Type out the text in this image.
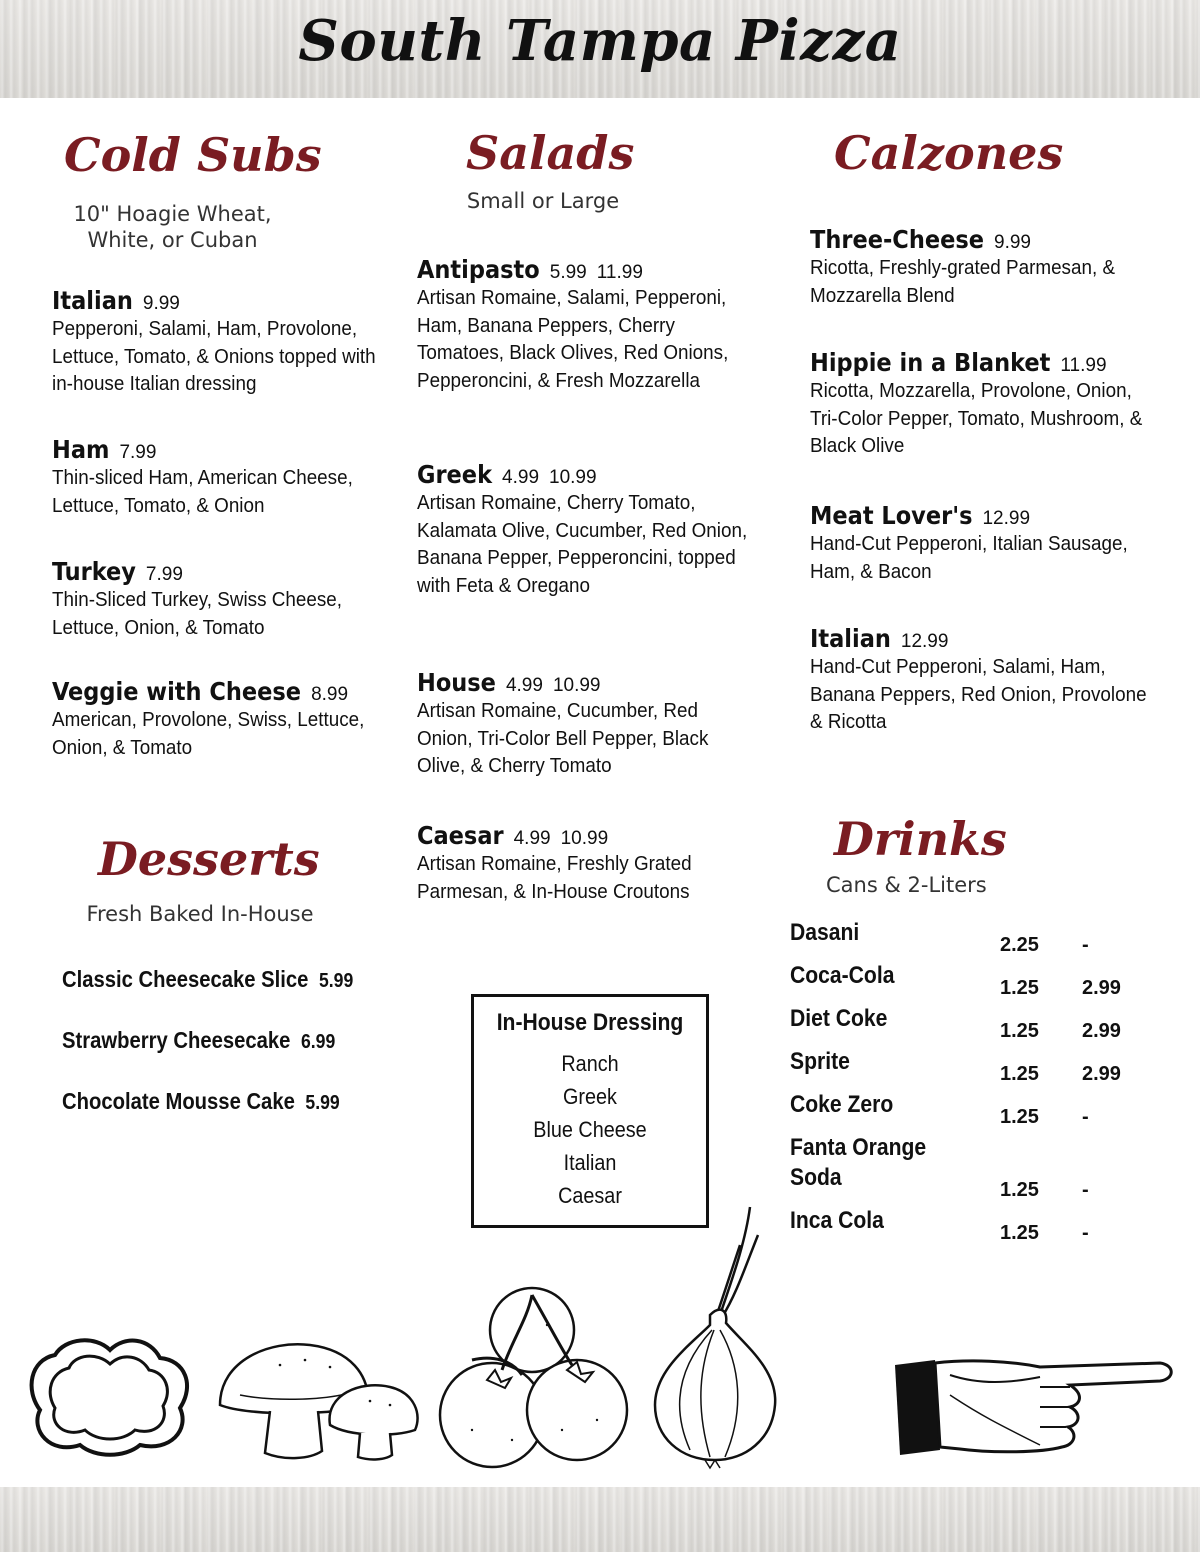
South Tampa Pizza
Cold Subs

10" Hoagie Wheat,
White, or Cuban

Italian 9.99
Pepperoni, Salami, Ham, Provolone, Lettuce, Tomato, & Onions topped with in-house Italian dressing
Ham 7.99
Thin-sliced Ham, American Cheese, Lettuce, Tomato, & Onion
Turkey 7.99
Thin-Sliced Turkey, Swiss Cheese, Lettuce, Onion, & Tomato
Veggie with Cheese 8.99
American, Provolone, Swiss, Lettuce, Onion, & Tomato
Desserts

Fresh Baked In-House

Classic Cheesecake Slice 5.99
Strawberry Cheesecake 6.99
Chocolate Mousse Cake 5.99
Salads

Small or Large

Antipasto 5.99 11.99
Artisan Romaine, Salami, Pepperoni, Ham, Banana Peppers, Cherry Tomatoes, Black Olives, Red Onions, Pepperoncini, & Fresh Mozzarella
Greek 4.99 10.99
Artisan Romaine, Cherry Tomato, Kalamata Olive, Cucumber, Red Onion, Banana Pepper, Pepperoncini, topped with Feta & Oregano
House 4.99 10.99
Artisan Romaine, Cucumber, Red Onion, Tri-Color Bell Pepper, Black Olive, & Cherry Tomato
Caesar 4.99 10.99
Artisan Romaine, Freshly Grated Parmesan, & In-House Croutons
In-House Dressing
Ranch
Greek
Blue Cheese
Italian
Caesar
Calzones
Three-Cheese 9.99
Ricotta, Freshly-grated Parmesan, & Mozzarella Blend
Hippie in a Blanket 11.99
Ricotta, Mozzarella, Provolone, Onion, Tri-Color Pepper, Tomato, Mushroom, & Black Olive
Meat Lover's 12.99
Hand-Cut Pepperoni, Italian Sausage, Ham, & Bacon
Italian 12.99
Hand-Cut Pepperoni, Salami, Ham, Banana Peppers, Red Onion, Provolone & Ricotta
Drinks

Cans & 2-Liters

Dasani	2.25 -
Coca-Cola	1.25 2.99
Diet Coke	1.25 2.99
Sprite	1.25 2.99
Coke Zero	1.25 -
Fanta Orange
Soda	1.25 -
Inca Cola	1.25 -
